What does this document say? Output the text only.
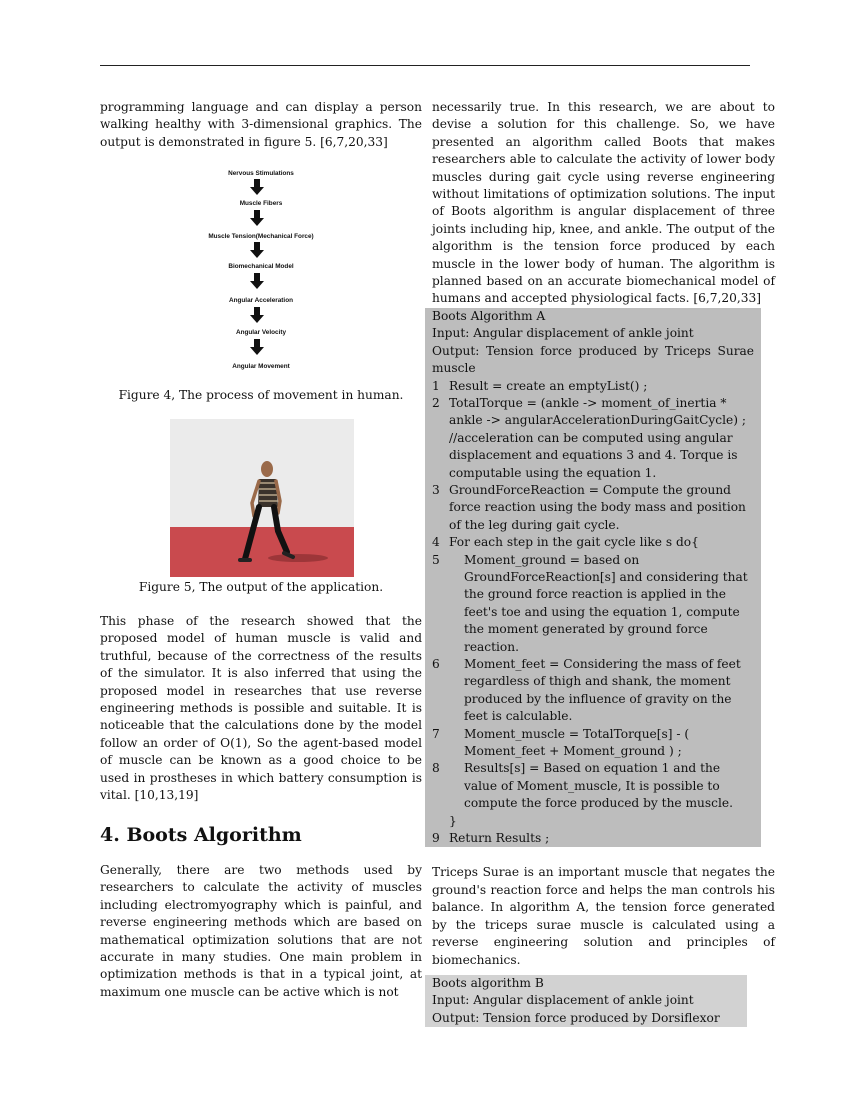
programming language and can display a person walking healthy with 3-dimensional graphics. The output is demonstrated in figure 5. [6,7,20,33]

Nervous Stimulations
Muscle Fibers
Muscle Tension(Mechanical Force)
Biomechanical Model
Angular Acceleration
Angular Velocity
Angular Movement

Figure 4, The process of movement in human.

Figure 5, The output of the application.

This phase of the research showed that the proposed model of human muscle is valid and truthful, because of the correctness of the results of the simulator. It is also inferred that using the proposed model in researches that use reverse engineering methods is possible and suitable. It is noticeable that the calculations done by the model follow an order of O(1), So the agent-based model of muscle can be known as a good choice to be used in prostheses in which battery consumption is vital. [10,13,19]

4. Boots Algorithm

Generally, there are two methods used by researchers to calculate the activity of muscles including electromyography which is painful, and reverse engineering methods which are based on mathematical optimization solutions that are not accurate in many studies. One main problem in optimization methods is that in a typical joint, at maximum one muscle can be active which is not

necessarily true. In this research, we are about to devise a solution for this challenge. So, we have presented an algorithm called Boots that makes researchers able to calculate the activity of lower body muscles during gait cycle using reverse engineering without limitations of optimization solutions. The input of Boots algorithm is angular displacement of three joints including hip, knee, and ankle. The output of the algorithm is the tension force produced by each muscle in the lower body of human. The algorithm is planned based on an accurate biomechanical model of humans and accepted physiological facts. [6,7,20,33]

Boots Algorithm A
Input: Angular displacement of ankle joint
Output: Tension force produced by Triceps Surae muscle
1 Result = create an emptyList() ;
2 TotalTorque = (ankle -> moment_of_inertia * ankle -> angularAccelerationDuringGaitCycle) ; //acceleration can be computed using angular displacement and equations 3 and 4. Torque is computable using the equation 1.
3 GroundForceReaction = Compute the ground force reaction using the body mass and position of the leg during gait cycle.
4 For each step in the gait cycle like s do{
5	Moment_ground = based on GroundForceReaction[s] and considering that the ground force reaction is applied in the feet's toe and using the equation 1, compute the moment generated by ground force reaction.
6	Moment_feet = Considering the mass of feet regardless of thigh and shank, the moment produced by the influence of gravity on the feet is calculable.
7	Moment_muscle = TotalTorque[s] - ( Moment_feet + Moment_ground ) ;
8	Results[s] = Based on equation 1 and the value of Moment_muscle, It is possible to compute the force produced by the muscle.
}
9 Return Results ;

Triceps Surae is an important muscle that negates the ground's reaction force and helps the man controls his balance. In algorithm A, the tension force generated by the triceps surae muscle is calculated using a reverse engineering solution and principles of biomechanics.

Boots algorithm B
Input: Angular displacement of ankle joint
Output: Tension force produced by Dorsiflexor
